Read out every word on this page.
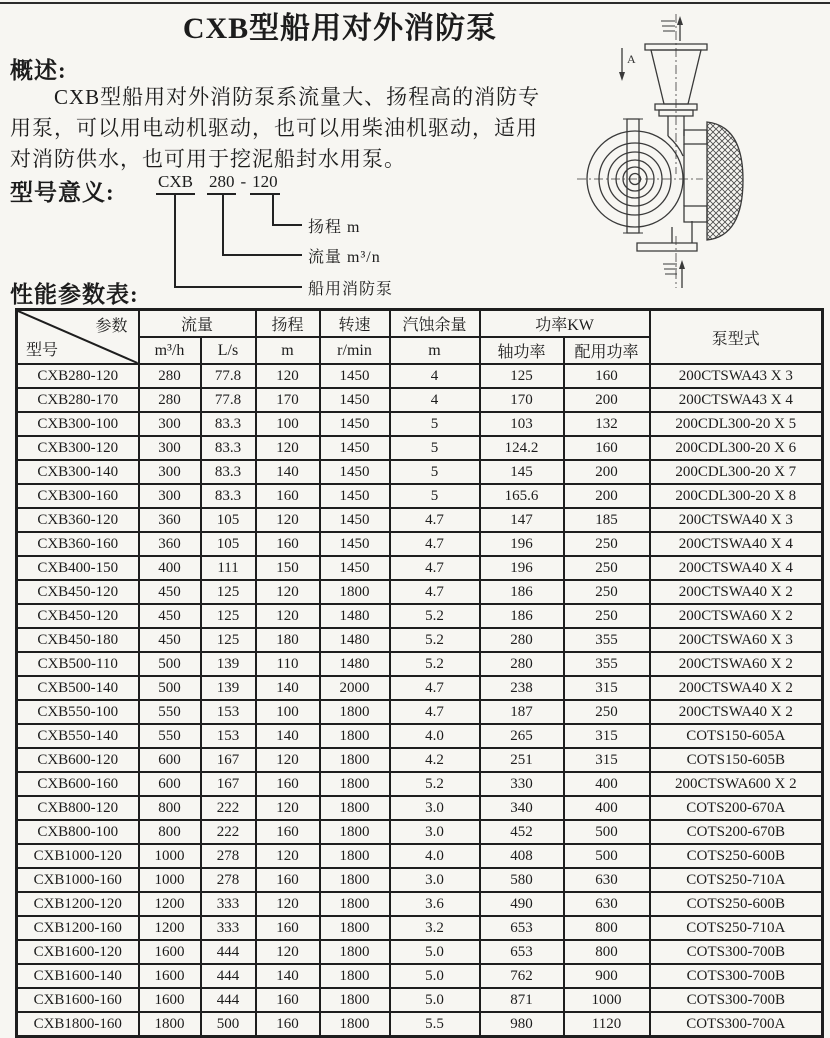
CXB型船用对外消防泵
概述:
CXB型船用对外消防泵系流量大、扬程高的消防专
用泵，可以用电动机驱动，也可以用柴油机驱动，适用
对消防供水，也可用于挖泥船封水用泵。
型号意义:	CXB 280 - 120
扬程 m
流量 m³/n
船用消防泵
A
性能参数表:
参数
型号	流量		扬程	转速	汽蚀余量	功率KW		泵型式
	m³/h	L/s	m	r/min	m	轴功率	配用功率	
CXB280-120	280	77.8	120	1450	4	125	160	200CTSWA43 X 3
CXB280-170	280	77.8	170	1450	4	170	200	200CTSWA43 X 4
CXB300-100	300	83.3	100	1450	5	103	132	200CDL300-20 X 5
CXB300-120	300	83.3	120	1450	5	124.2	160	200CDL300-20 X 6
CXB300-140	300	83.3	140	1450	5	145	200	200CDL300-20 X 7
CXB300-160	300	83.3	160	1450	5	165.6	200	200CDL300-20 X 8
CXB360-120	360	105	120	1450	4.7	147	185	200CTSWA40 X 3
CXB360-160	360	105	160	1450	4.7	196	250	200CTSWA40 X 4
CXB400-150	400	111	150	1450	4.7	196	250	200CTSWA40 X 4
CXB450-120	450	125	120	1800	4.7	186	250	200CTSWA40 X 2
CXB450-120	450	125	120	1480	5.2	186	250	200CTSWA60 X 2
CXB450-180	450	125	180	1480	5.2	280	355	200CTSWA60 X 3
CXB500-110	500	139	110	1480	5.2	280	355	200CTSWA60 X 2
CXB500-140	500	139	140	2000	4.7	238	315	200CTSWA40 X 2
CXB550-100	550	153	100	1800	4.7	187	250	200CTSWA40 X 2
CXB550-140	550	153	140	1800	4.0	265	315	COTS150-605A
CXB600-120	600	167	120	1800	4.2	251	315	COTS150-605B
CXB600-160	600	167	160	1800	5.2	330	400	200CTSWA600 X 2
CXB800-120	800	222	120	1800	3.0	340	400	COTS200-670A
CXB800-100	800	222	160	1800	3.0	452	500	COTS200-670B
CXB1000-120	1000	278	120	1800	4.0	408	500	COTS250-600B
CXB1000-160	1000	278	160	1800	3.0	580	630	COTS250-710A
CXB1200-120	1200	333	120	1800	3.6	490	630	COTS250-600B
CXB1200-160	1200	333	160	1800	3.2	653	800	COTS250-710A
CXB1600-120	1600	444	120	1800	5.0	653	800	COTS300-700B
CXB1600-140	1600	444	140	1800	5.0	762	900	COTS300-700B
CXB1600-160	1600	444	160	1800	5.0	871	1000	COTS300-700B
CXB1800-160	1800	500	160	1800	5.5	980	1120	COTS300-700A
